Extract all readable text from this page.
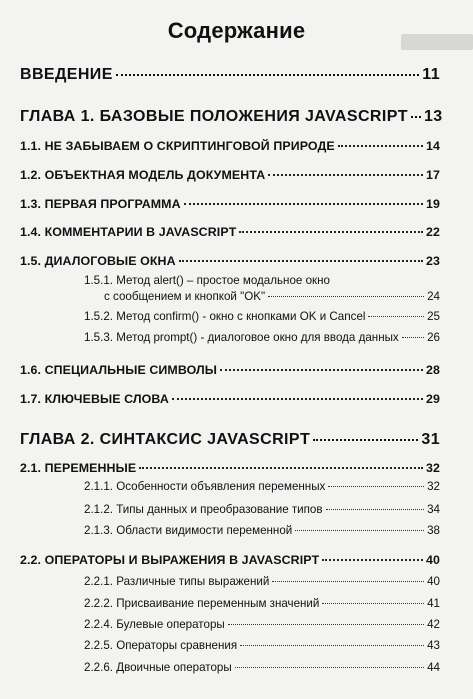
Содержание
ВВЕДЕНИЕ	11
ГЛАВА 1. БАЗОВЫЕ ПОЛОЖЕНИЯ JAVASCRIPT 13
1.1. НЕ ЗАБЫВАЕМ О СКРИПТИНГОВОЙ ПРИРОДЕ	14
1.2. ОБЪЕКТНАЯ МОДЕЛЬ ДОКУМЕНТА	17
1.3. ПЕРВАЯ ПРОГРАММА	19
1.4. КОММЕНТАРИИ В JAVASCRIPT	22
1.5. ДИАЛОГОВЫЕ ОКНА	23
1.5.1. Метод alert() – простое модальное окно
с сообщением и кнопкой "OK"	24
1.5.2. Метод confirm() - окно с кнопками OK и Cancel	25
1.5.3. Метод prompt() - диалоговое окно для ввода данных 26
1.6. СПЕЦИАЛЬНЫЕ СИМВОЛЫ	28
1.7. КЛЮЧЕВЫЕ СЛОВА	29
ГЛАВА 2. СИНТАКСИС JAVASCRIPT	31
2.1. ПЕРЕМЕННЫЕ	32
2.1.1. Особенности объявления переменных	32
2.1.2. Типы данных и преобразование типов	34
2.1.3. Области видимости переменной	38
2.2. ОПЕРАТОРЫ И ВЫРАЖЕНИЯ В JAVASCRIPT	40
2.2.1. Различные типы выражений	40
2.2.2. Присваивание переменным значений	41
2.2.4. Булевые операторы	42
2.2.5. Операторы сравнения	43
2.2.6. Двоичные операторы	44
